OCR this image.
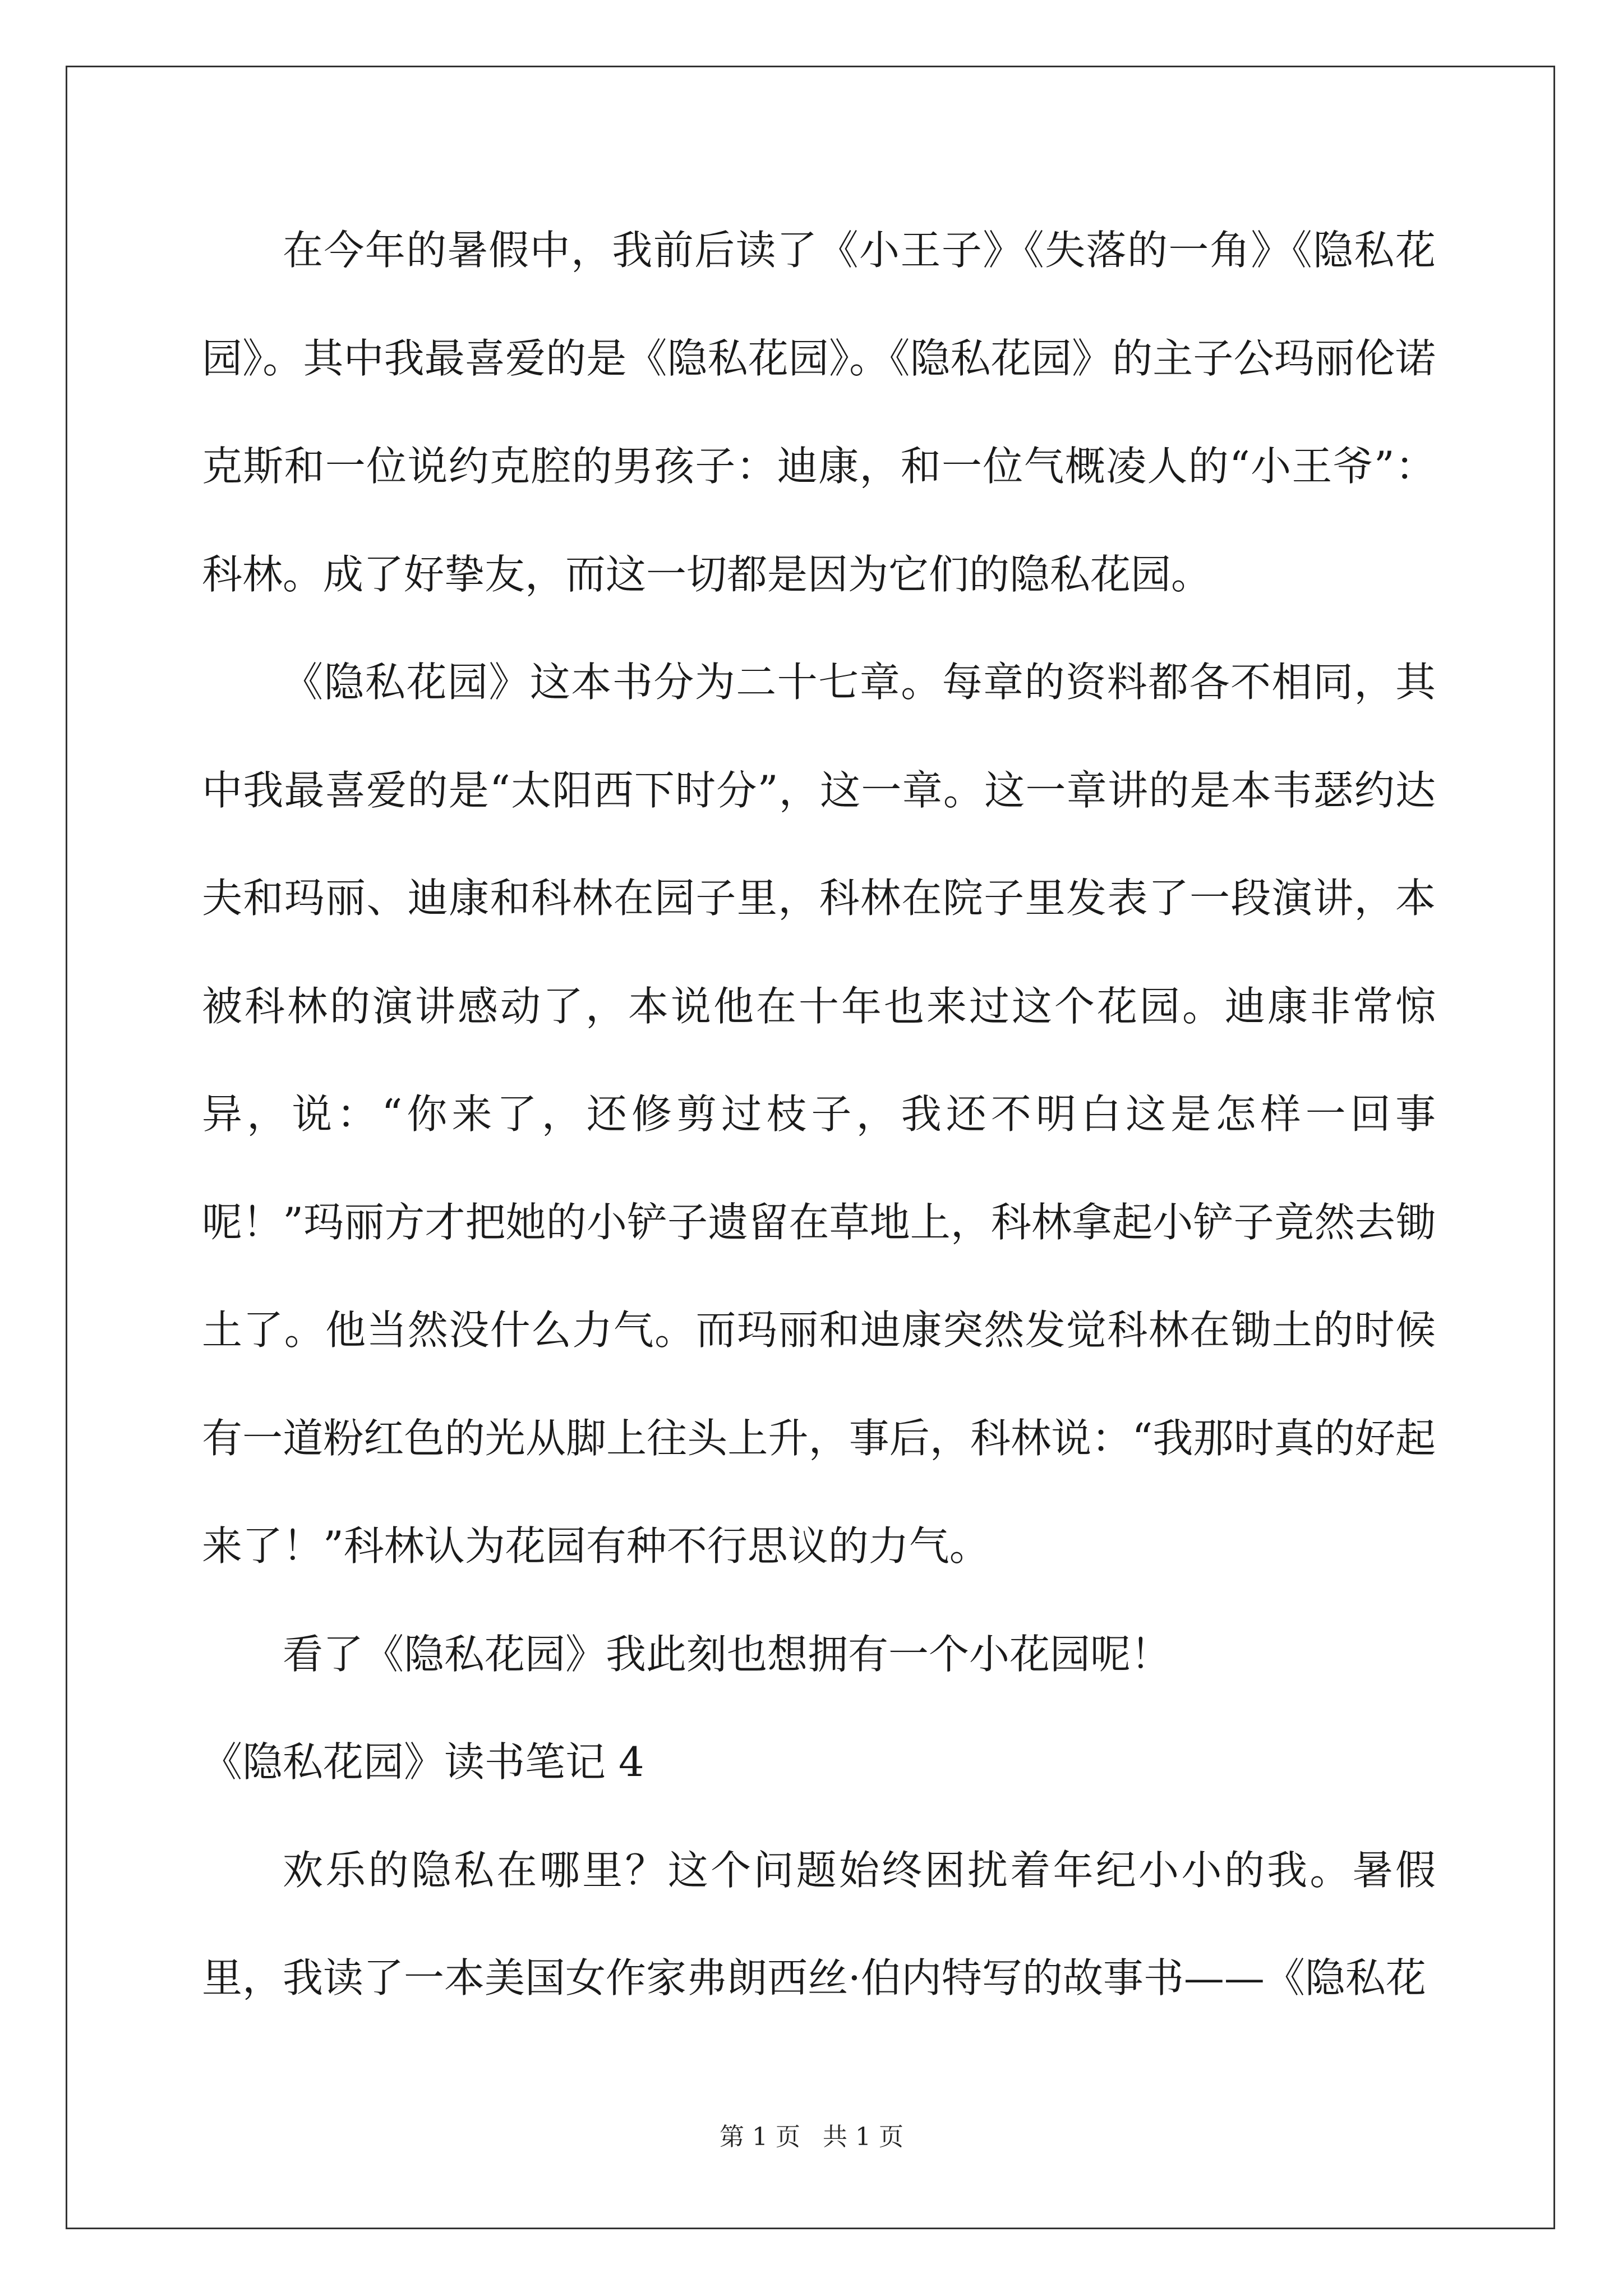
在今年的暑假中，我前后读了《小王子》《失落的一角》《隐私花园》。其中我最喜爱的是《隐私花园》。《隐私花园》的主子公玛丽伦诺克斯和一位说约克腔的男孩子：迪康，和一位气概凌人的“小王爷”：科林。成了好挚友，而这一切都是因为它们的隐私花园。

《隐私花园》这本书分为二十七章。每章的资料都各不相同，其中我最喜爱的是“太阳西下时分”，这一章。这一章讲的是本韦瑟约达夫和玛丽、迪康和科林在园子里，科林在院子里发表了一段演讲，本被科林的演讲感动了，本说他在十年也来过这个花园。迪康非常惊异，说：“你来了，还修剪过枝子，我还不明白这是怎样一回事呢！”玛丽方才把她的小铲子遗留在草地上，科林拿起小铲子竟然去锄土了。他当然没什么力气。而玛丽和迪康突然发觉科林在锄土的时候有一道粉红色的光从脚上往头上升，事后，科林说：“我那时真的好起来了！”科林认为花园有种不行思议的力气。

看了《隐私花园》我此刻也想拥有一个小花园呢！

《隐私花园》读书笔记 4

欢乐的隐私在哪里？这个问题始终困扰着年纪小小的我。暑假里，我读了一本美国女作家弗朗西丝·伯内特写的故事书——《隐私花

第 1 页 共 1 页
